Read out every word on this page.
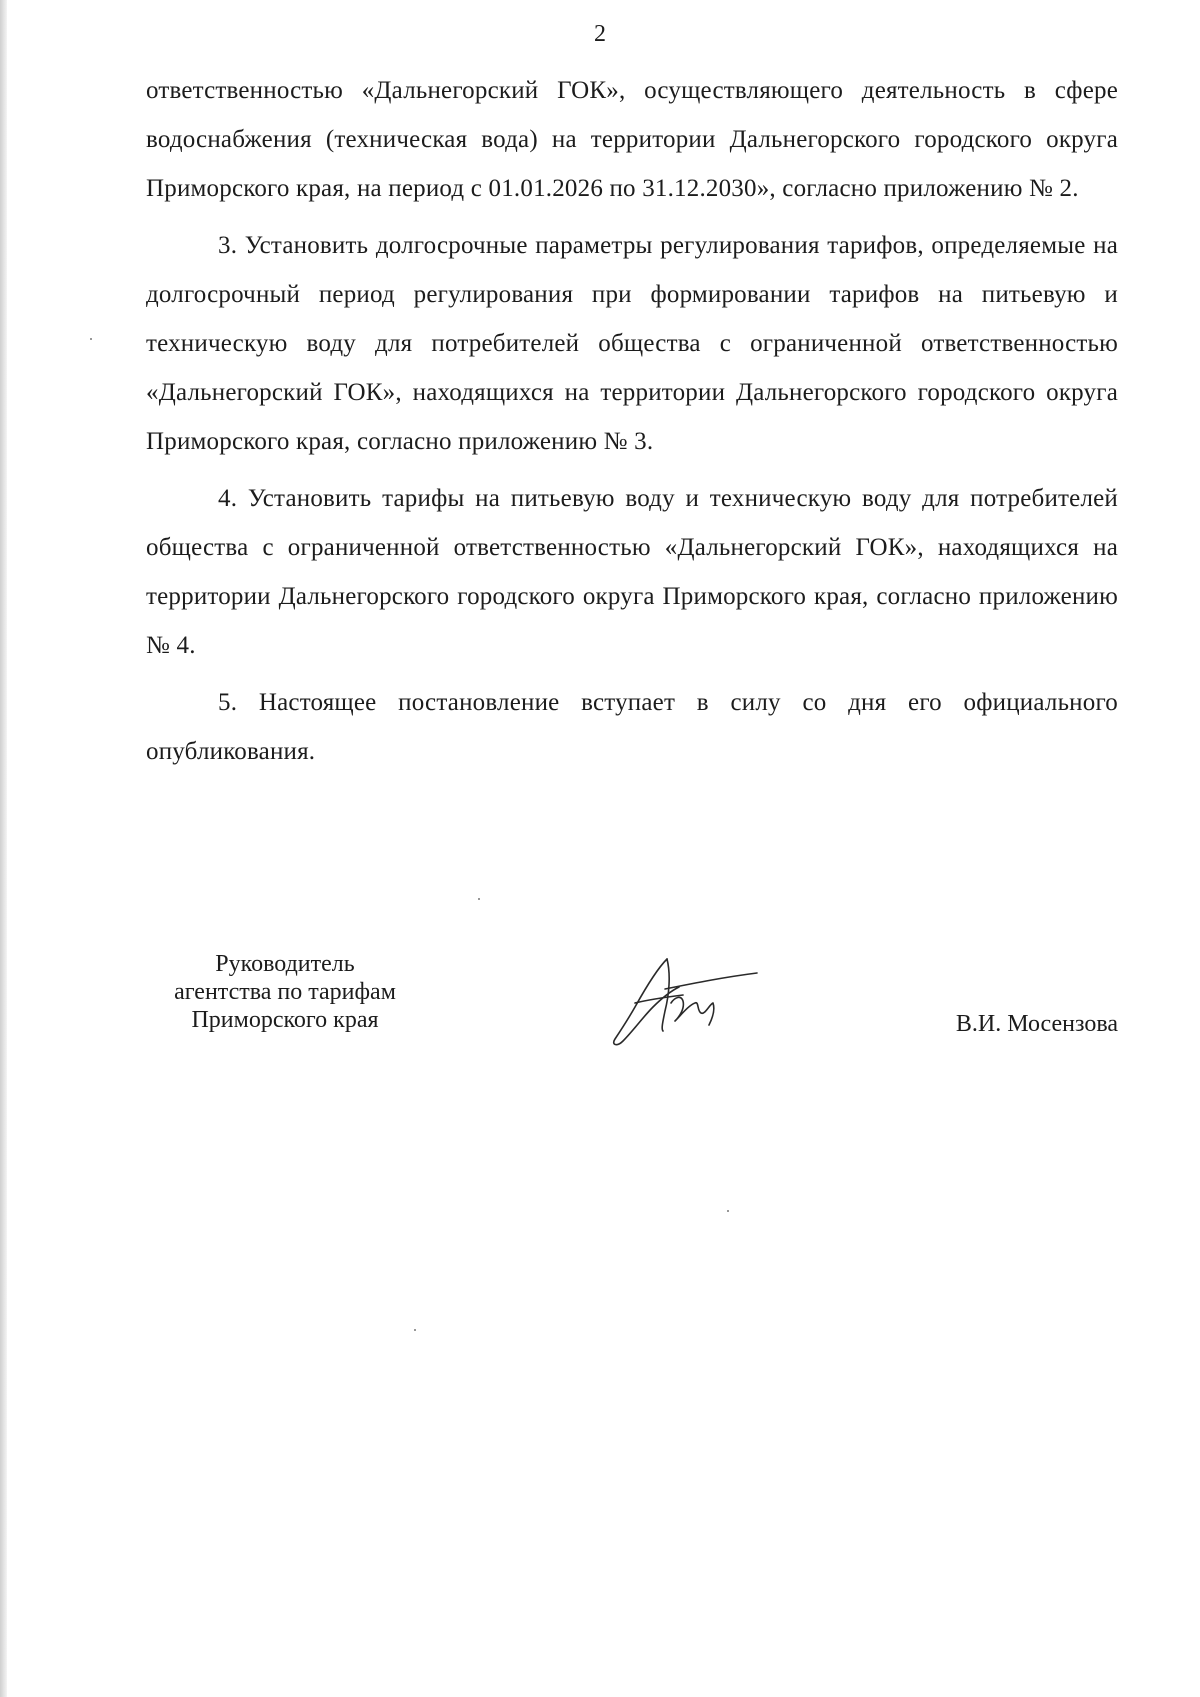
2

ответственностью «Дальнегорский ГОК», осуществляющего деятельность в сфере водоснабжения (техническая вода) на территории Дальнегорского городского округа Приморского края, на период с 01.01.2026 по 31.12.2030», согласно приложению № 2.

3. Установить долгосрочные параметры регулирования тарифов, определяемые на долгосрочный период регулирования при формировании тарифов на питьевую и техническую воду для потребителей общества с ограниченной ответственностью «Дальнегорский ГОК», находящихся на территории Дальнегорского городского округа Приморского края, согласно приложению № 3.

4. Установить тарифы на питьевую воду и техническую воду для потребителей общества с ограниченной ответственностью «Дальнегорский ГОК», находящихся на территории Дальнегорского городского округа Приморского края, согласно приложению № 4.

5. Настоящее постановление вступает в силу со дня его официального опубликования.

Руководитель
агентства по тарифам
Приморского края	В.И. Мосензова
